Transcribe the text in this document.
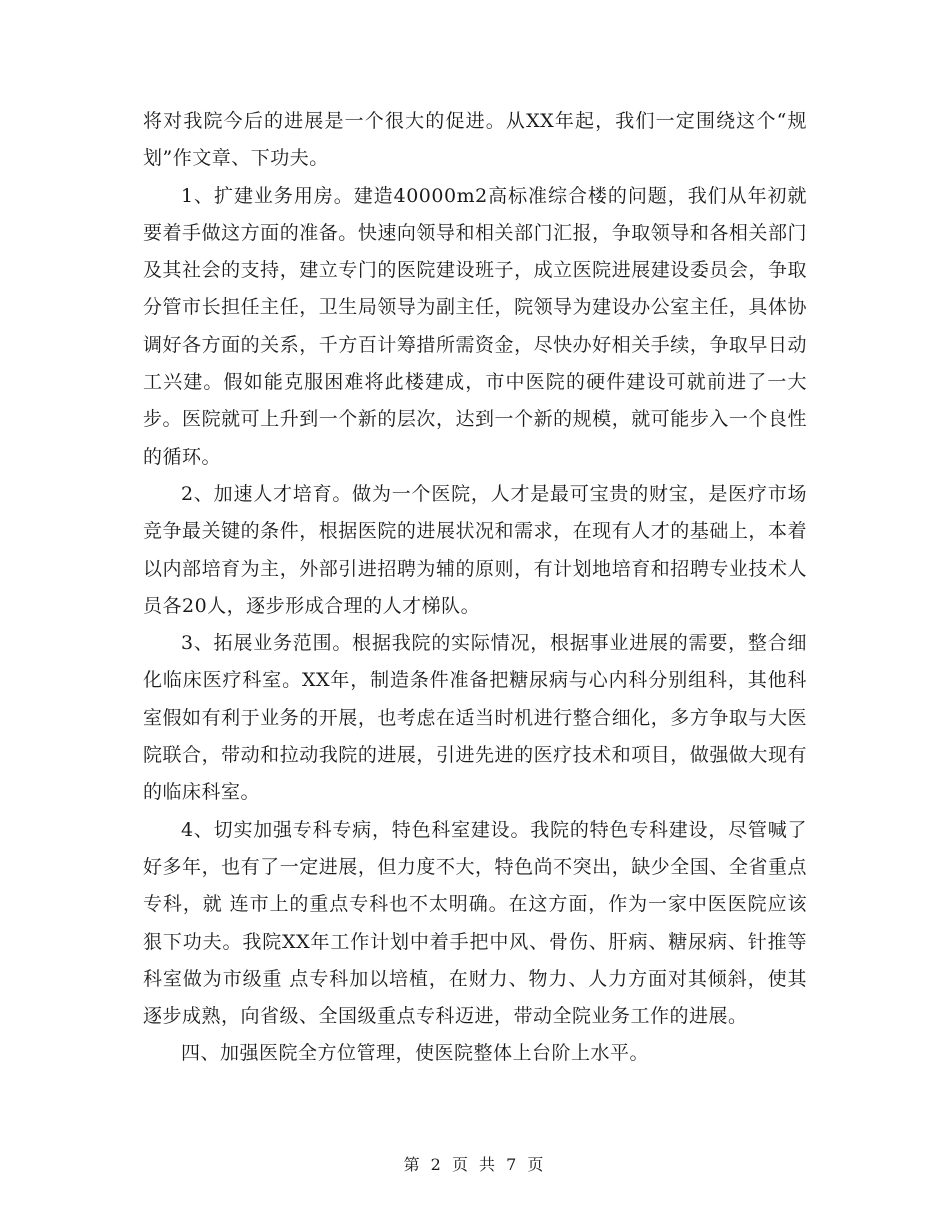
将对我院今后的进展是一个很大的促进。从XX年起，我们一定围绕这个“规划”作文章、下功夫。

1、扩建业务用房。建造40000m2高标准综合楼的问题，我们从年初就要着手做这方面的准备。快速向领导和相关部门汇报，争取领导和各相关部门及其社会的支持，建立专门的医院建设班子，成立医院进展建设委员会，争取分管市长担任主任，卫生局领导为副主任，院领导为建设办公室主任，具体协调好各方面的关系，千方百计筹措所需资金，尽快办好相关手续，争取早日动工兴建。假如能克服困难将此楼建成，市中医院的硬件建设可就前进了一大步。医院就可上升到一个新的层次，达到一个新的规模，就可能步入一个良性的循环。

2、加速人才培育。做为一个医院，人才是最可宝贵的财宝，是医疗市场竞争最关键的条件，根据医院的进展状况和需求，在现有人才的基础上，本着以内部培育为主，外部引进招聘为辅的原则，有计划地培育和招聘专业技术人员各20人，逐步形成合理的人才梯队。

3、拓展业务范围。根据我院的实际情况，根据事业进展的需要，整合细化临床医疗科室。XX年，制造条件准备把糖尿病与心内科分别组科，其他科室假如有利于业务的开展，也考虑在适当时机进行整合细化，多方争取与大医院联合，带动和拉动我院的进展，引进先进的医疗技术和项目，做强做大现有的临床科室。

4、切实加强专科专病，特色科室建设。我院的特色专科建设，尽管喊了好多年，也有了一定进展，但力度不大，特色尚不突出，缺少全国、全省重点专科，就 连市上的重点专科也不太明确。在这方面，作为一家中医医院应该狠下功夫。我院XX年工作计划中着手把中风、骨伤、肝病、糖尿病、针推等科室做为市级重 点专科加以培植，在财力、物力、人力方面对其倾斜，使其逐步成熟，向省级、全国级重点专科迈进，带动全院业务工作的进展。

四、加强医院全方位管理，使医院整体上台阶上水平。

第 2 页 共 7 页
